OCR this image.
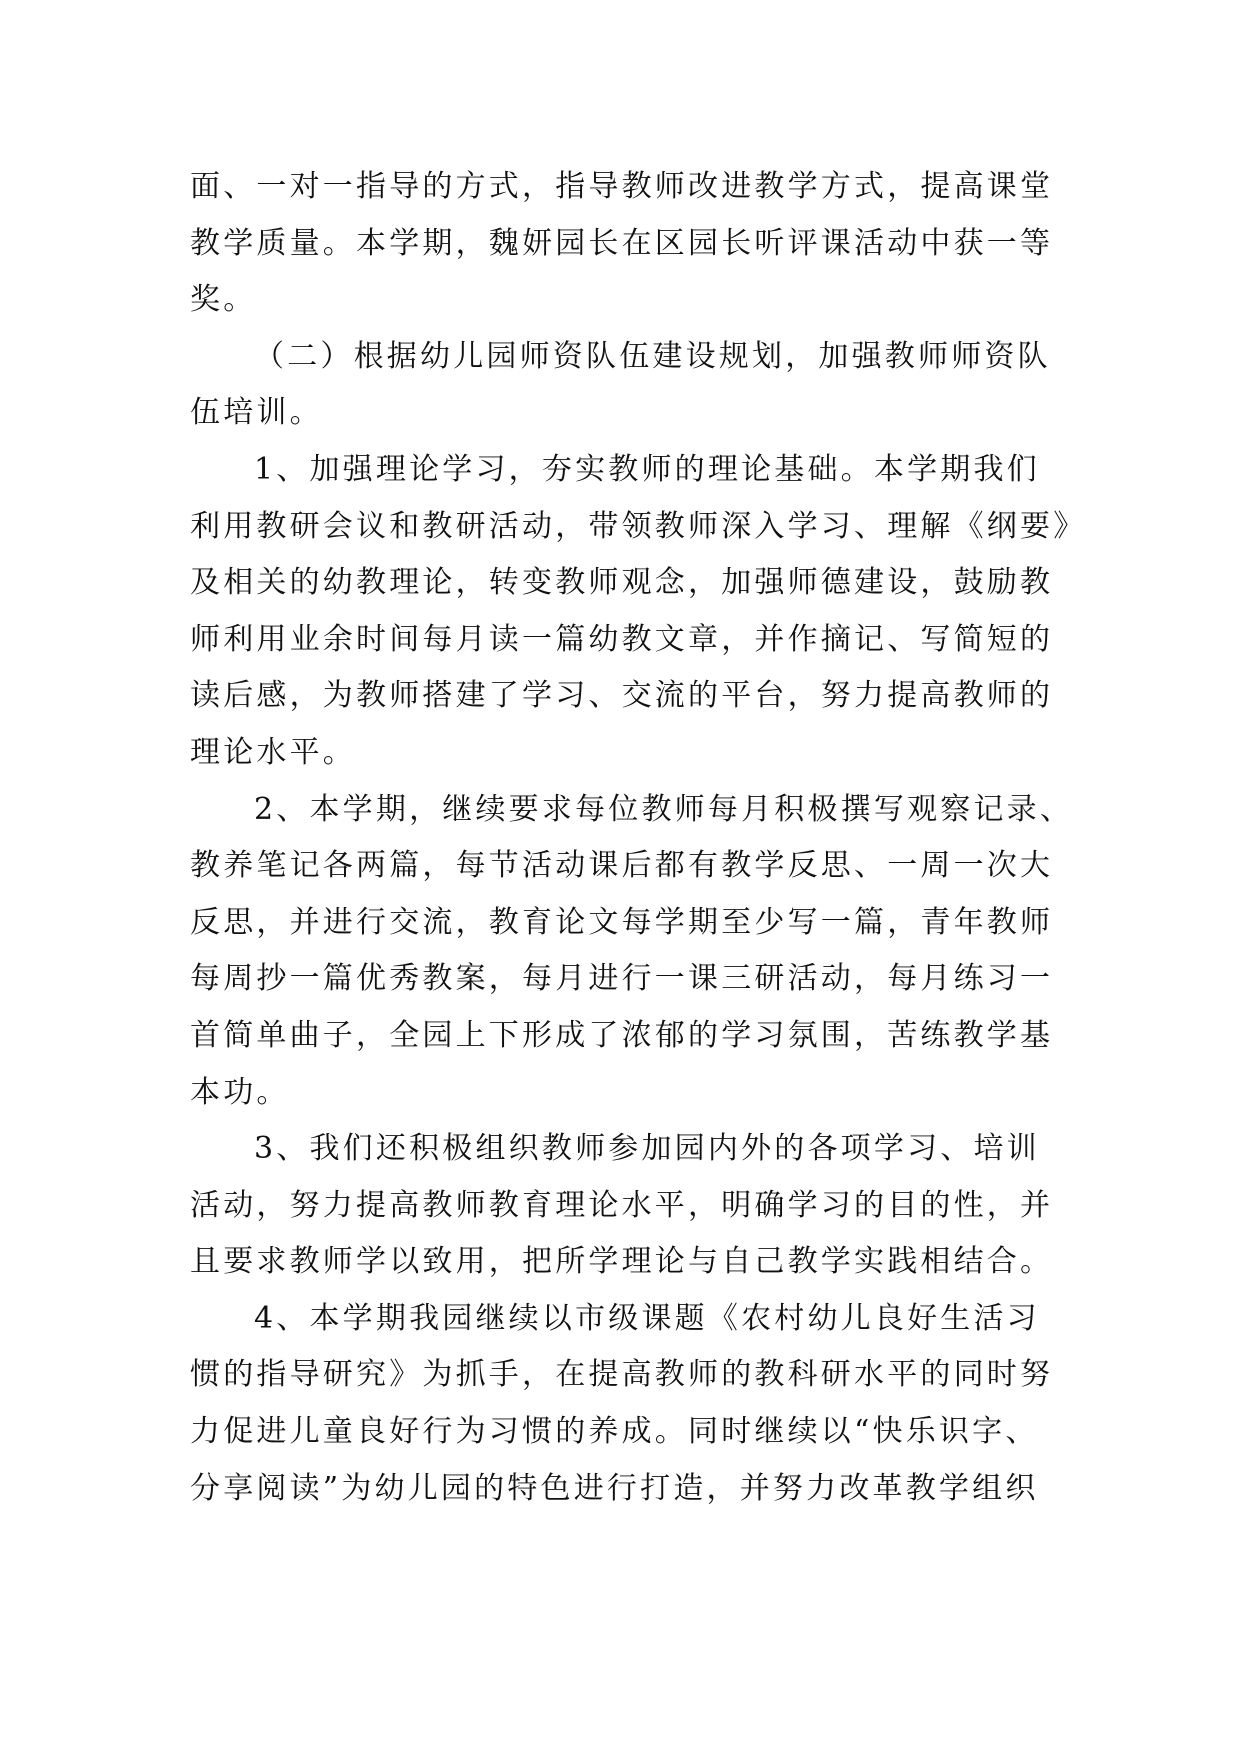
面、一对一指导的方式，指导教师改进教学方式，提高课堂
教学质量。本学期，魏妍园长在区园长听评课活动中获一等
奖。
（二）根据幼儿园师资队伍建设规划，加强教师师资队
伍培训。
1、加强理论学习，夯实教师的理论基础。本学期我们
利用教研会议和教研活动，带领教师深入学习、理解《纲要》
及相关的幼教理论，转变教师观念，加强师德建设，鼓励教
师利用业余时间每月读一篇幼教文章，并作摘记、写简短的
读后感，为教师搭建了学习、交流的平台，努力提高教师的
理论水平。
2、本学期，继续要求每位教师每月积极撰写观察记录、
教养笔记各两篇，每节活动课后都有教学反思、一周一次大
反思，并进行交流，教育论文每学期至少写一篇，青年教师
每周抄一篇优秀教案，每月进行一课三研活动，每月练习一
首简单曲子，全园上下形成了浓郁的学习氛围，苦练教学基
本功。
3、我们还积极组织教师参加园内外的各项学习、培训
活动，努力提高教师教育理论水平，明确学习的目的性，并
且要求教师学以致用，把所学理论与自己教学实践相结合。
4、本学期我园继续以市级课题《农村幼儿良好生活习
惯的指导研究》为抓手，在提高教师的教科研水平的同时努
力促进儿童良好行为习惯的养成。同时继续以“快乐识字、
分享阅读”为幼儿园的特色进行打造，并努力改革教学组织
